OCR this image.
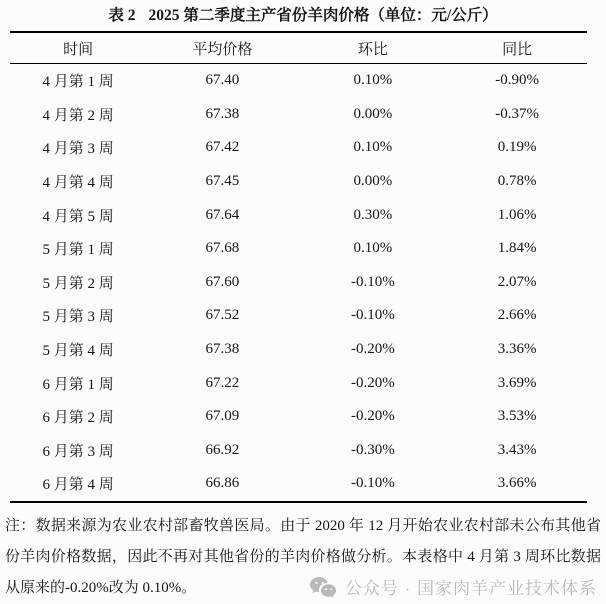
表 2 2025 第二季度主产省份羊肉价格（单位：元/公斤）
时间	平均价格	环比	同比
4 月第 1 周	67.40	0.10%	-0.90%
4 月第 2 周	67.38	0.00%	-0.37%
4 月第 3 周	67.42	0.10%	0.19%
4 月第 4 周	67.45	0.00%	0.78%
4 月第 5 周	67.64	0.30%	1.06%
5 月第 1 周	67.68	0.10%	1.84%
5 月第 2 周	67.60	-0.10%	2.07%
5 月第 3 周	67.52	-0.10%	2.66%
5 月第 4 周	67.38	-0.20%	3.36%
6 月第 1 周	67.22	-0.20%	3.69%
6 月第 2 周	67.09	-0.20%	3.53%
6 月第 3 周	66.92	-0.30%	3.43%
6 月第 4 周	66.86	-0.10%	3.66%
注：数据来源为农业农村部畜牧兽医局。由于 2020 年 12 月开始农业农村部未公布其他省
份羊肉价格数据，因此不再对其他省份的羊肉价格做分析。本表格中 4 月第 3 周环比数据
从原来的-0.20%改为 0.10%。	公众号 · 国家肉羊产业技术体系
